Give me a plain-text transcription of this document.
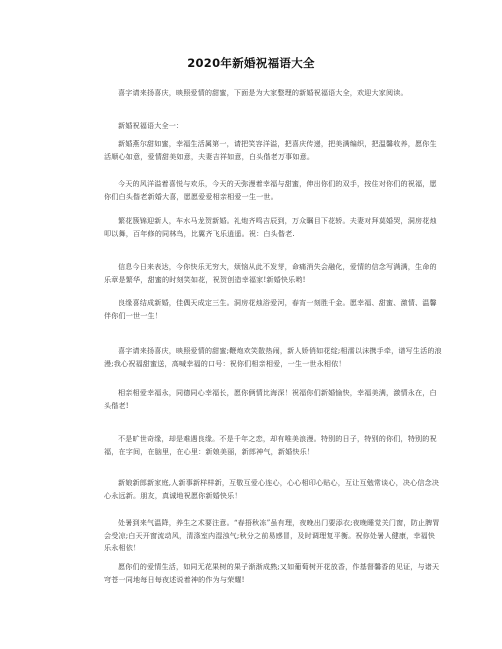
2020年新婚祝福语大全
喜字请来扬喜庆，映照爱情的甜蜜，下面是为大家整理的新婚祝福语大全，欢迎大家阅读。
新婚祝福语大全一：
新婚燕尔甜如蜜，幸福生活属第一，请把笑容洋溢，把喜庆传递，把美满编织，把温馨收养，愿你生活顺心如意，爱情甜美如意，夫妻吉祥如意，白头偕老万事如意。
今天的风洋溢着喜悦与欢乐，今天的天弥漫着幸福与甜蜜，伸出你们的双手，按住对你们的祝福，愿你们白头偕老新婚大喜，愿愿爱爱相亲相爱一生一世。
繁花簇锦迎新人，车水马龙贺新婚。礼炮齐鸣吉辰到，万众瞩目下花轿。夫妻对拜莫婚哭，洞房花烛叩以舞，百年修的同林鸟，比翼齐飞乐逍遥。祝：白头偕老.
信息今日来表达，今你快乐无穷大，烦恼从此不发芽，命痛消失会融化，爱情的信念写满满，生命的乐章是繁华，甜蜜的时刻笑如花，祝贺创造幸福家!新婚快乐哟!
良缘喜结成新婚，佳偶天成定三生。洞房花烛浴爱河，春宵一刻胜千金。愿幸福、甜蜜、激情、温馨伴你们一世一生！
喜字请来扬喜庆，映照爱情的甜蜜;鞭炮欢笑散热闹，新人娇俏如花绽;相濡以沫携手牵，谱写生活的浪漫;我心祝福甜蜜送，高喊幸福的口号：祝你们相亲相爱，一生一世永相依！
相亲相爱幸福永，同德同心幸福长，愿你俩情比海深！祝福你们新婚愉快，幸福美满，激情永在，白头偕老!
不是旷世奇缘，却是难遇良缘。不是千年之恋，却有唯美浪漫。特别的日子，特别的你们，特别的祝福，在字间，在脑里，在心里：新娘美丽，新郎神气，新婚快乐！
新娘新郎新家庭,人新事新样样新，互敬互爱心连心，心心相印心贴心，互让互勉常谈心，决心信念决心永远新。朋友，真诚地祝愿你新婚快乐！
处暑到来气温降，养生之术要注意。“春捂秋冻”虽有理，夜晚出门要添衣;夜晚睡觉关门窗，防止脾胃会受凉;白天开窗流动风，清涤室内湿浊气;秋分之前易感冒，及时调理复平衡。祝你处暑人健康，幸福快乐永相依！
愿你们的爱情生活，如同无花果树的果子渐渐成熟;又如葡萄树开花放香，作基督馨香的见证，与诸天穹苍一同地每日每夜述说着神的作为与荣耀!
